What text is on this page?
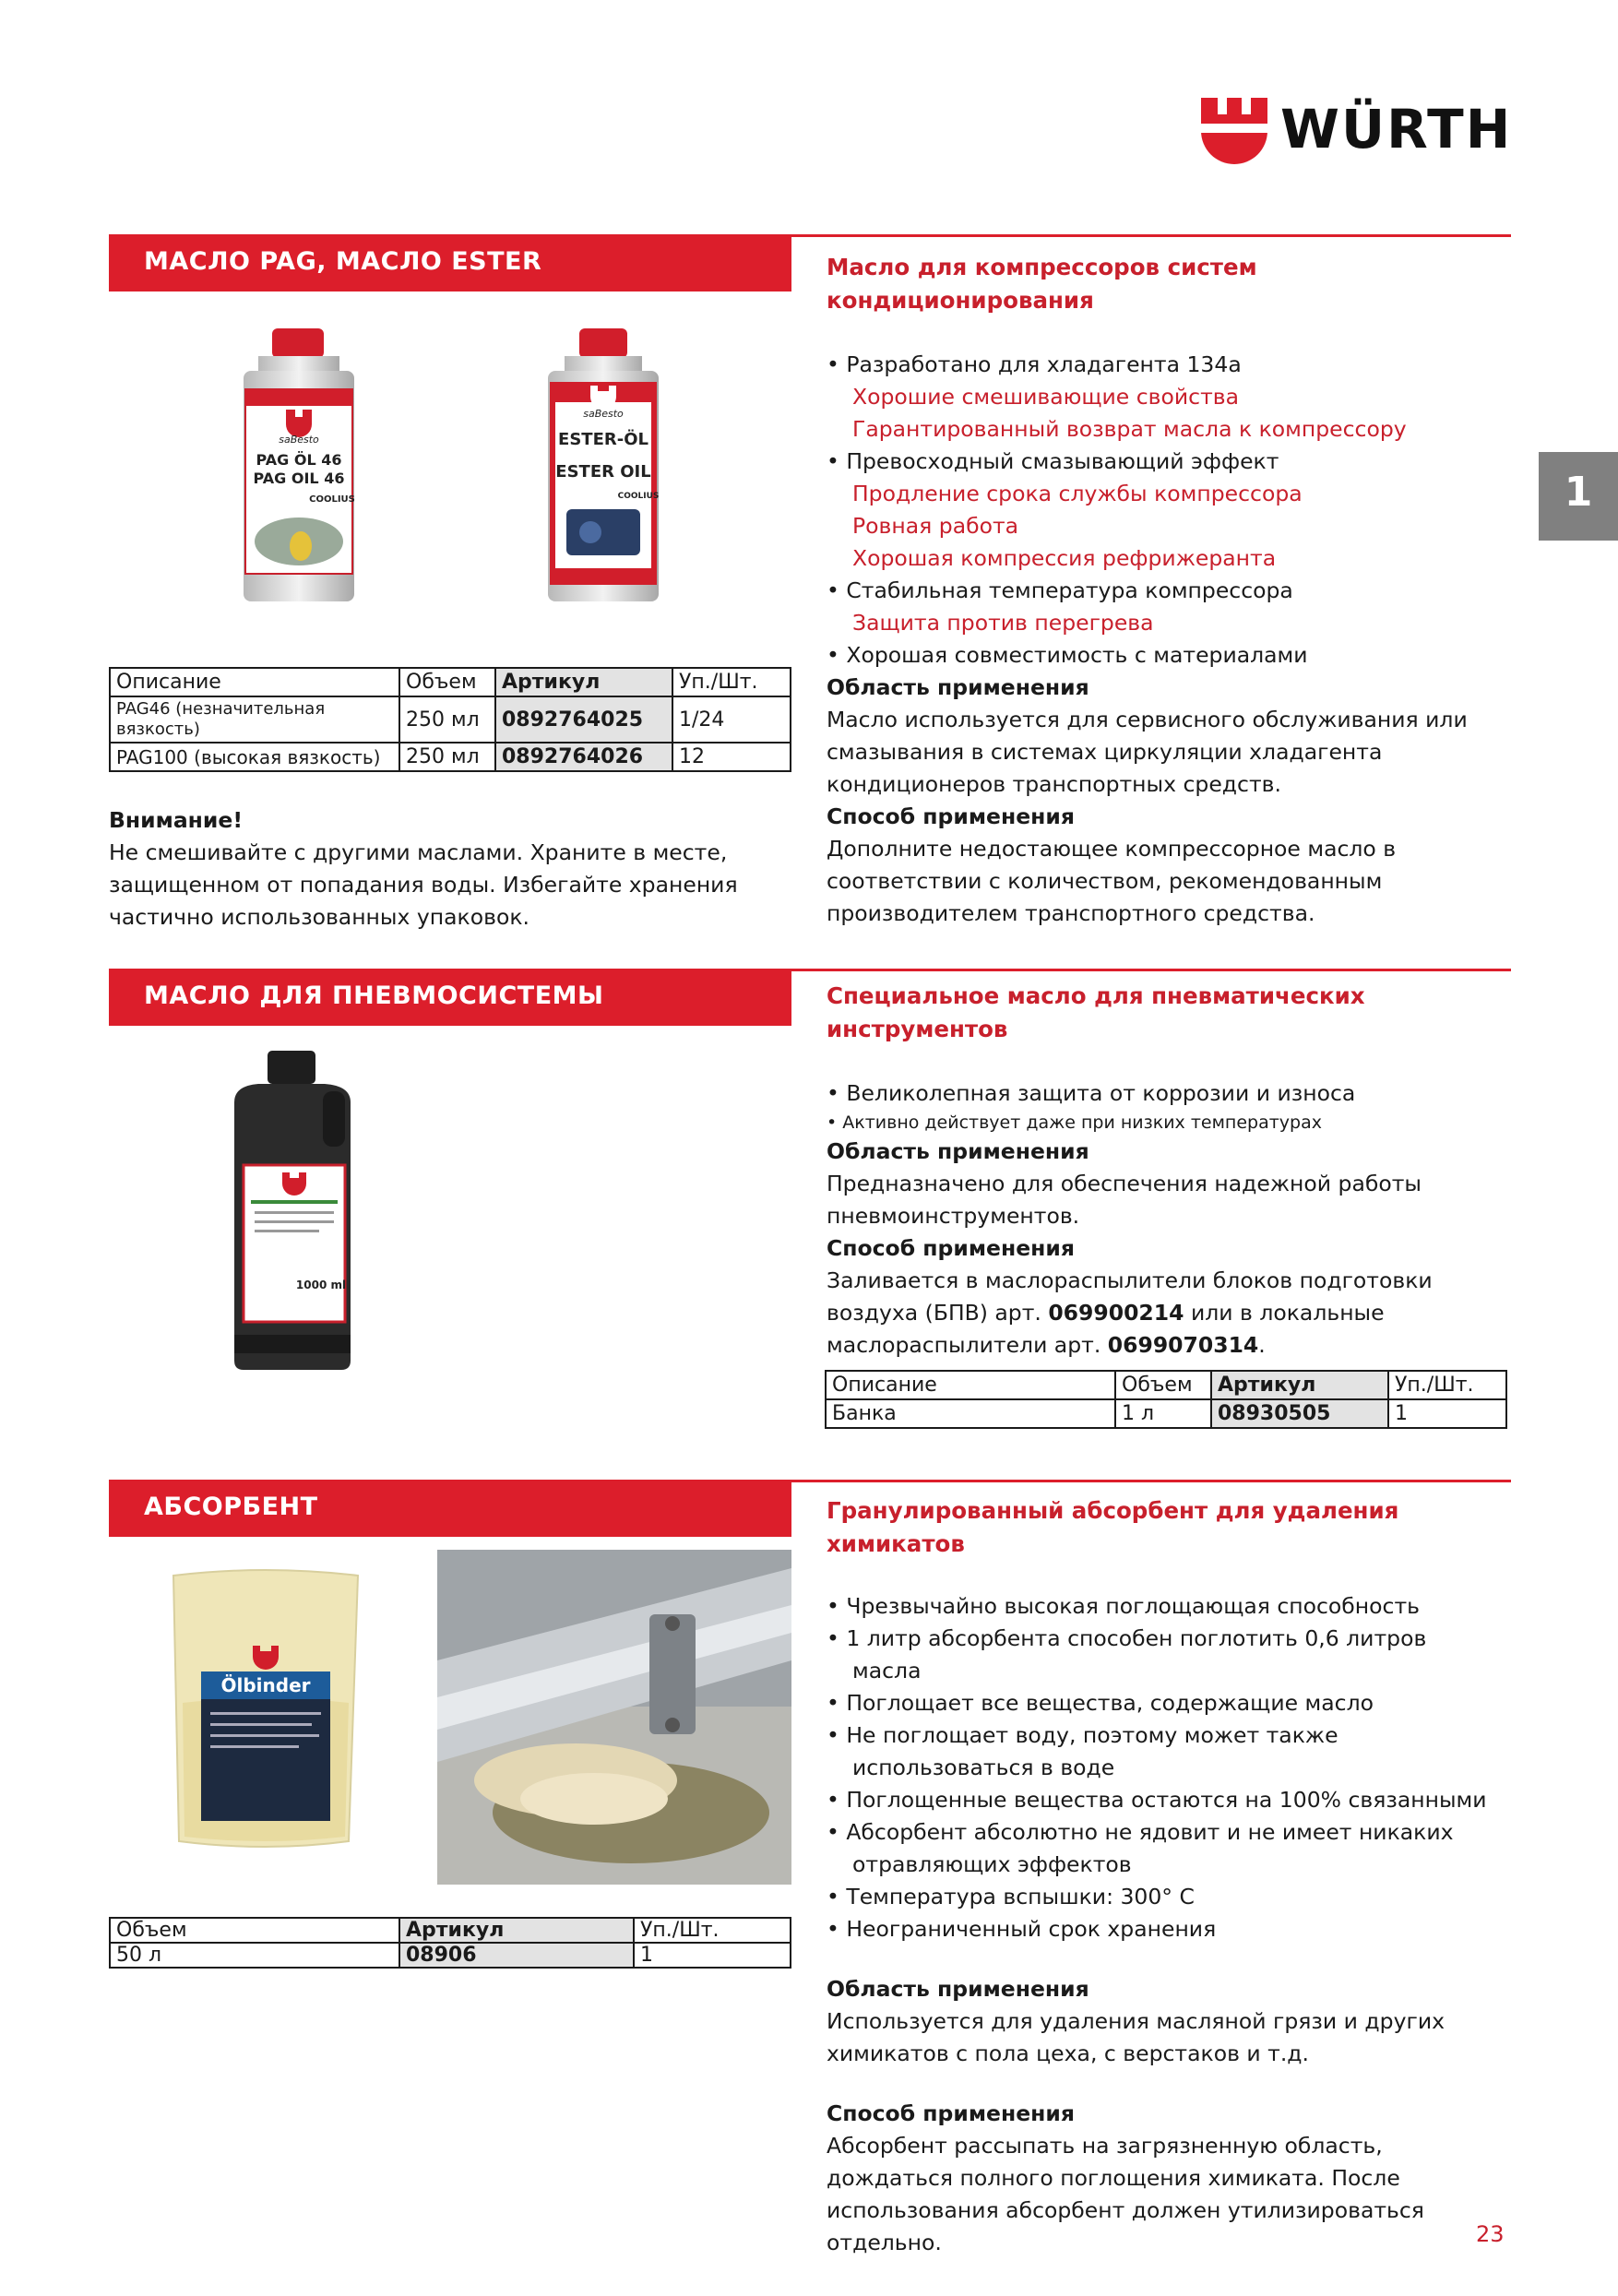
WÜRTH
1
МАСЛО PAG, МАСЛО ESTER	Масло для компрессоров систем кондиционирования
saBesto
PAG ÖL 46
PAG OIL 46
COOLIUS
saBesto
ESTER-ÖL
ESTER OIL
COOLIUS
Описание	Объем	Артикул	Уп./Шт.
PAG46 (незначительная вязкость)	250 мл	0892764025	1/24
PAG100 (высокая вязкость)	250 мл	0892764026	12
Внимание!
Не смешивайте с другими маслами. Храните в месте, защищенном от попадания воды. Избегайте хранения частично использованных упаковок.
• Разработано для хладагента 134а
Хорошие смешивающие свойства
Гарантированный возврат масла к компрессору
• Превосходный смазывающий эффект
Продление срока службы компрессора
Ровная работа
Хорошая компрессия рефрижеранта
• Стабильная температура компрессора
Защита против перегрева
• Хорошая совместимость с материалами
Область применения
Масло используется для сервисного обслуживания или смазывания в системах циркуляции хладагента кондиционеров транспортных средств.
Способ применения
Дополните недостающее компрессорное масло в соответствии с количеством, рекомендованным производителем транспортного средства.
МАСЛО ДЛЯ ПНЕВМОСИСТЕМЫ	Специальное масло для пневматических инструментов
1000 ml
• Великолепная защита от коррозии и износа
• Активно действует даже при низких температурах
Область применения
Предназначено для обеспечения надежной работы пневмоинструментов.
Способ применения
Заливается в маслораспылители блоков подготовки воздуха (БПВ) арт. 069900214 или в локальные маслораспылители арт. 0699070314.
Описание	Объем	Артикул	Уп./Шт.
Банка	1 л	08930505	1
АБСОРБЕНТ	Гранулированный абсорбент для удаления химикатов
Ölbinder
Объем	Артикул	Уп./Шт.
50 л	08906	1
• Чрезвычайно высокая поглощающая способность
• 1 литр абсорбента способен поглотить 0,6 литров масла
• Поглощает все вещества, содержащие масло
• Не поглощает воду, поэтому может также использоваться в воде
• Поглощенные вещества остаются на 100% связанными
• Абсорбент абсолютно не ядовит и не имеет никаких отравляющих эффектов
• Температура вспышки: 300° С
• Неограниченный срок хранения
Область применения
Используется для удаления масляной грязи и других химикатов с пола цеха, с верстаков и т.д.
Способ применения
Абсорбент рассыпать на загрязненную область, дождаться полного поглощения химиката. После использования абсорбент должен утилизироваться отдельно.	23
